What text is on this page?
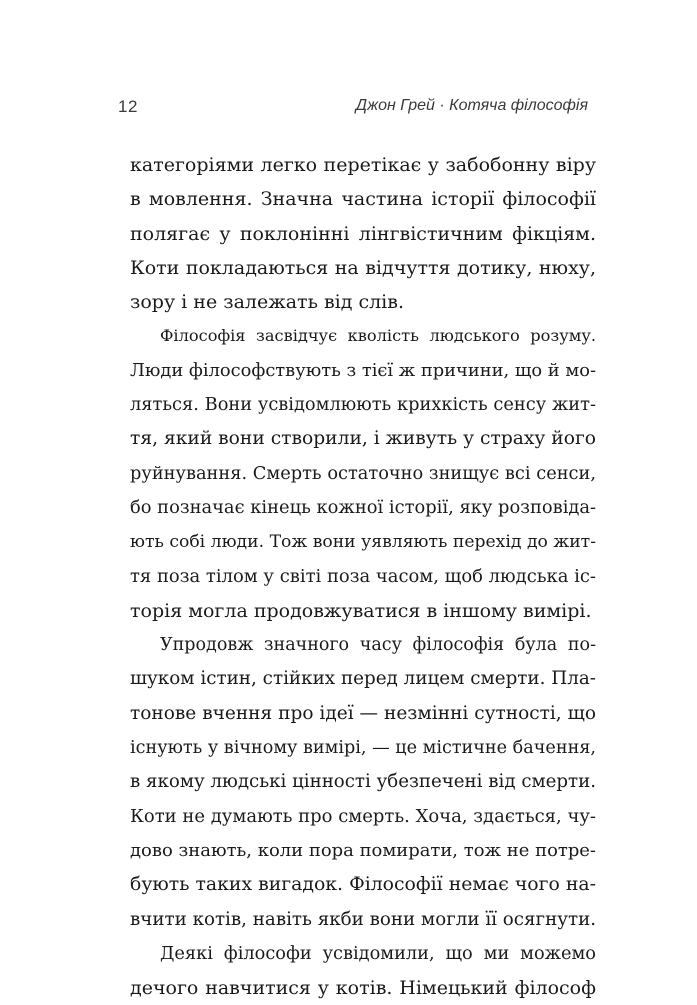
12	Джон Грей · Котяча філософія

категоріями легко перетікає у забобонну віру
в мовлення. Значна частина історії філософії
полягає у поклонінні лінгвістичним фікціям.
Коти покладаються на відчуття дотику, нюху,
зору і не залежать від слів.

Філософія засвідчує кволість людського розуму.
Люди філософствують з тієї ж причини, що й мо-
ляться. Вони усвідомлюють крихкість сенсу жит-
тя, який вони створили, і живуть у страху його
руйнування. Смерть остаточно знищує всі сенси,
бо позначає кінець кожної історії, яку розповіда-
ють собі люди. Тож вони уявляють перехід до жит-
тя поза тілом у світі поза часом, щоб людська іс-
торія могла продовжуватися в іншому вимірі.

Упродовж значного часу філософія була по-
шуком істин, стійких перед лицем смерти. Пла-
тонове вчення про ідеї — незмінні сутності, що
існують у вічному вимірі, — це містичне бачення,
в якому людські цінності убезпечені від смерти.
Коти не думають про смерть. Хоча, здається, чу-
дово знають, коли пора помирати, тож не потре-
бують таких вигадок. Філософії немає чого на-
вчити котів, навіть якби вони могли її осягнути.

Деякі філософи усвідомили, що ми можемо
дечого навчитися у котів. Німецький філософ
